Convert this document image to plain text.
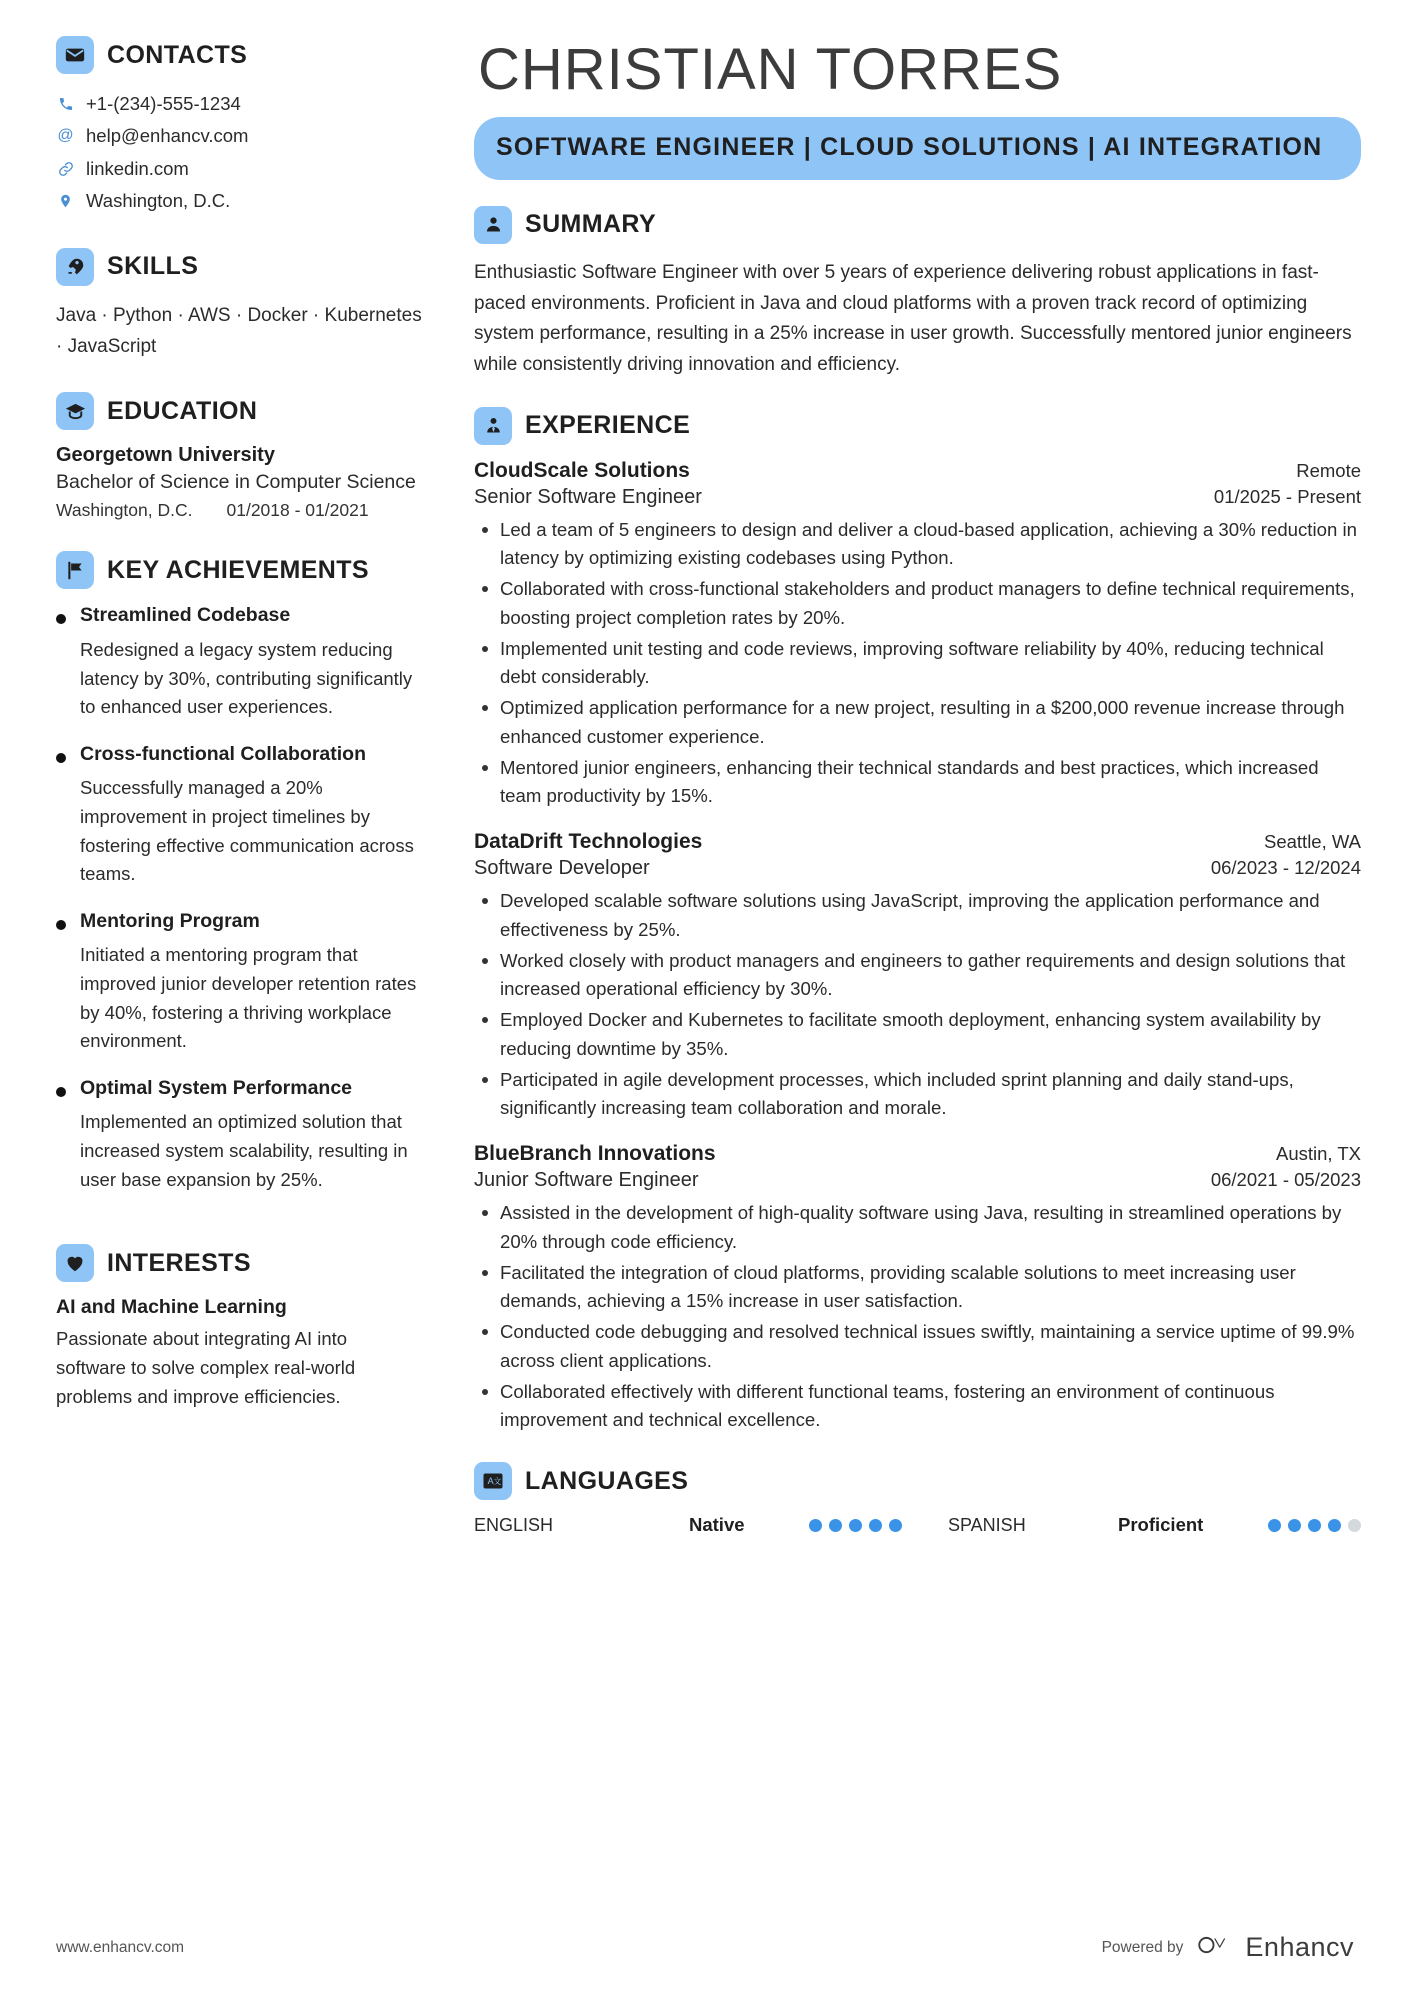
CONTACTS
+1-(234)-555-1234
@ help@enhancv.com
linkedin.com
Washington, D.C.
SKILLS
Java · Python · AWS · Docker · Kubernetes · JavaScript
EDUCATION
Georgetown University
Bachelor of Science in Computer Science
Washington, D.C. 01/2018 - 01/2021
KEY ACHIEVEMENTS
Streamlined Codebase
Redesigned a legacy system reducing latency by 30%, contributing significantly to enhanced user experiences.
Cross-functional Collaboration
Successfully managed a 20% improvement in project timelines by fostering effective communication across teams.
Mentoring Program
Initiated a mentoring program that improved junior developer retention rates by 40%, fostering a thriving workplace environment.
Optimal System Performance
Implemented an optimized solution that increased system scalability, resulting in user base expansion by 25%.
INTERESTS
AI and Machine Learning
Passionate about integrating AI into software to solve complex real-world problems and improve efficiencies.
CHRISTIAN TORRES
SOFTWARE ENGINEER | CLOUD SOLUTIONS | AI INTEGRATION
SUMMARY
Enthusiastic Software Engineer with over 5 years of experience delivering robust applications in fast-paced environments. Proficient in Java and cloud platforms with a proven track record of optimizing system performance, resulting in a 25% increase in user growth. Successfully mentored junior engineers while consistently driving innovation and efficiency.
EXPERIENCE
CloudScale Solutions	Remote
Senior Software Engineer	01/2025 - Present
Led a team of 5 engineers to design and deliver a cloud-based application, achieving a 30% reduction in latency by optimizing existing codebases using Python.
Collaborated with cross-functional stakeholders and product managers to define technical requirements, boosting project completion rates by 20%.
Implemented unit testing and code reviews, improving software reliability by 40%, reducing technical debt considerably.
Optimized application performance for a new project, resulting in a $200,000 revenue increase through enhanced customer experience.
Mentored junior engineers, enhancing their technical standards and best practices, which increased team productivity by 15%.
DataDrift Technologies	Seattle, WA
Software Developer	06/2023 - 12/2024
Developed scalable software solutions using JavaScript, improving the application performance and effectiveness by 25%.
Worked closely with product managers and engineers to gather requirements and design solutions that increased operational efficiency by 30%.
Employed Docker and Kubernetes to facilitate smooth deployment, enhancing system availability by reducing downtime by 35%.
Participated in agile development processes, which included sprint planning and daily stand-ups, significantly increasing team collaboration and morale.
BlueBranch Innovations	Austin, TX
Junior Software Engineer	06/2021 - 05/2023
Assisted in the development of high-quality software using Java, resulting in streamlined operations by 20% through code efficiency.
Facilitated the integration of cloud platforms, providing scalable solutions to meet increasing user demands, achieving a 15% increase in user satisfaction.
Conducted code debugging and resolved technical issues swiftly, maintaining a service uptime of 99.9% across client applications.
Collaborated effectively with different functional teams, fostering an environment of continuous improvement and technical excellence.
A 文 LANGUAGES
ENGLISH	Native	SPANISH	Proficient
www.enhancv.com	Powered by Enhancv
